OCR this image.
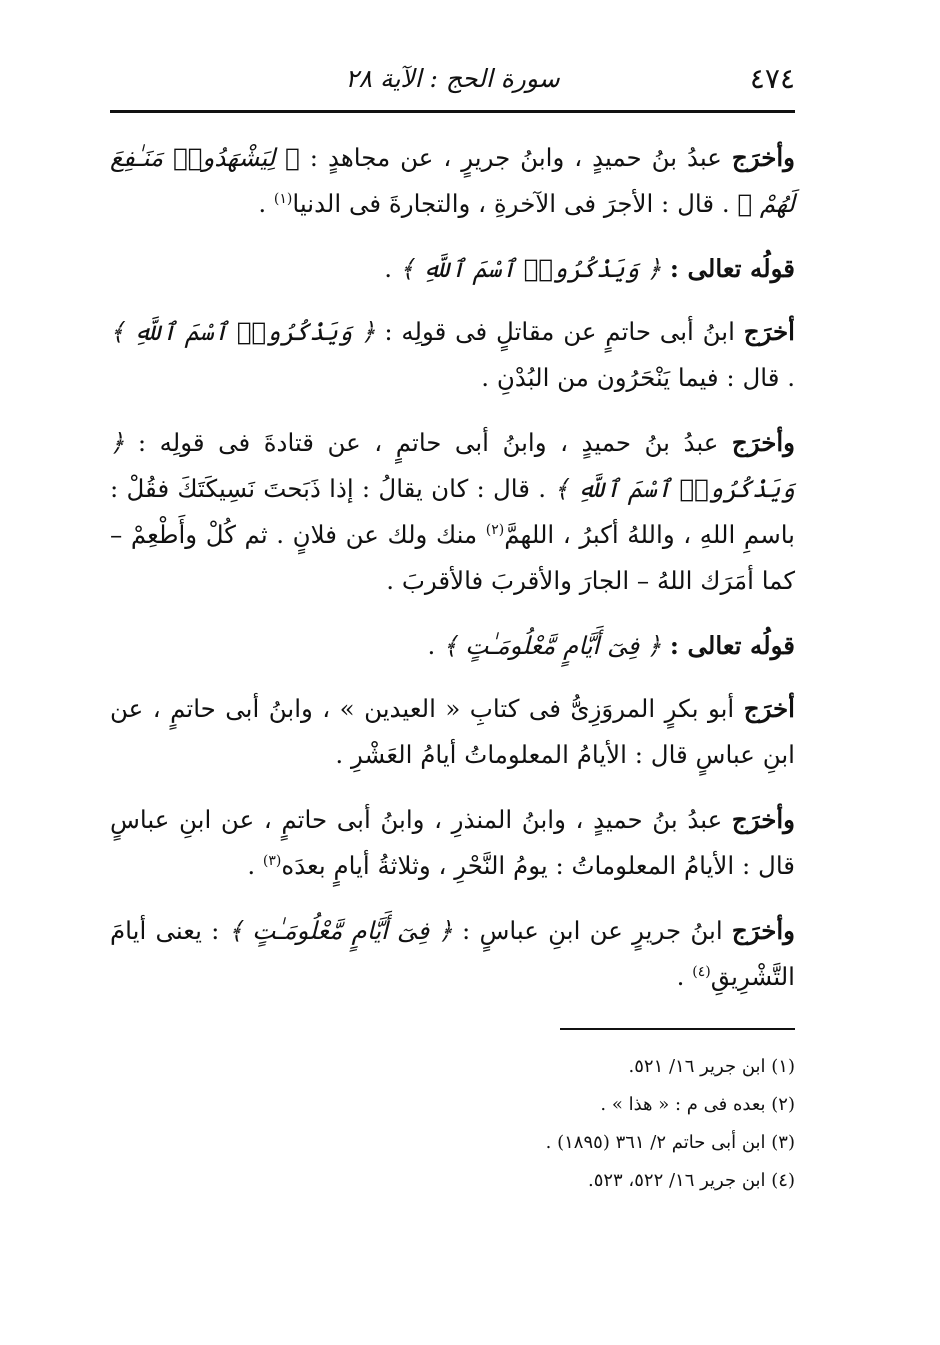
٤٧٤
سورة الحج : الآية ٢٨

وأخرَج عبدُ بنُ حميدٍ ، وابنُ جريرٍ ، عن مجاهدٍ : ﴿ لِيَشْهَدُوا۟ مَنَـٰفِعَ لَهُمْ ﴾ . قال : الأجرَ فى الآخرةِ ، والتجارةَ فى الدنيا$^{(١)}$ .

قولُه تعالى : ﴿ وَيَذْكُرُوا۟ ٱسْمَ ٱللَّهِ ﴾ .

أخرَج ابنُ أبى حاتمٍ عن مقاتلٍ فى قولِه : ﴿ وَيَذْكُرُوا۟ ٱسْمَ ٱللَّهِ ﴾ . قال : فيما يَنْحَرُون من البُدْنِ .

وأخرَج عبدُ بنُ حميدٍ ، وابنُ أبى حاتمٍ ، عن قتادةَ فى قولِه : ﴿ وَيَذْكُرُوا۟ ٱسْمَ ٱللَّهِ ﴾ . قال : كان يقالُ : إذا ذَبَحتَ نَسِيكَتَكَ فقُلْ : باسمِ اللهِ ، واللهُ أكبرُ ، اللهمَّ$^{(٢)}$ منك ولك عن فلانٍ . ثم كُلْ وأَطْعِمْ – كما أمَرَك اللهُ – الجارَ والأقربَ فالأقربَ .

قولُه تعالى : ﴿ فِىٓ أَيَّامٍ مَّعْلُومَـٰتٍ ﴾ .

أخرَج أبو بكرٍ المروَزِىُّ فى كتابِ « العيدين » ، وابنُ أبى حاتمٍ ، عن ابنِ عباسٍ قال : الأيامُ المعلوماتُ أيامُ العَشْرِ .

وأخرَج عبدُ بنُ حميدٍ ، وابنُ المنذرِ ، وابنُ أبى حاتمٍ ، عن ابنِ عباسٍ قال : الأيامُ المعلوماتُ : يومُ النَّحْرِ ، وثلاثةُ أيامٍ بعدَه$^{(٣)}$ .

وأخرَج ابنُ جريرٍ عن ابنِ عباسٍ : ﴿ فِىٓ أَيَّامٍ مَّعْلُومَـٰتٍ ﴾ : يعنى أيامَ التَّشْرِيقِ$^{(٤)}$ .

(١) ابن جرير ١٦/ ٥٢١.

(٢) بعده فى م : « هذا » .

(٣) ابن أبى حاتم ٢/ ٣٦١ (١٨٩٥) .

(٤) ابن جرير ١٦/ ٥٢٢، ٥٢٣.
